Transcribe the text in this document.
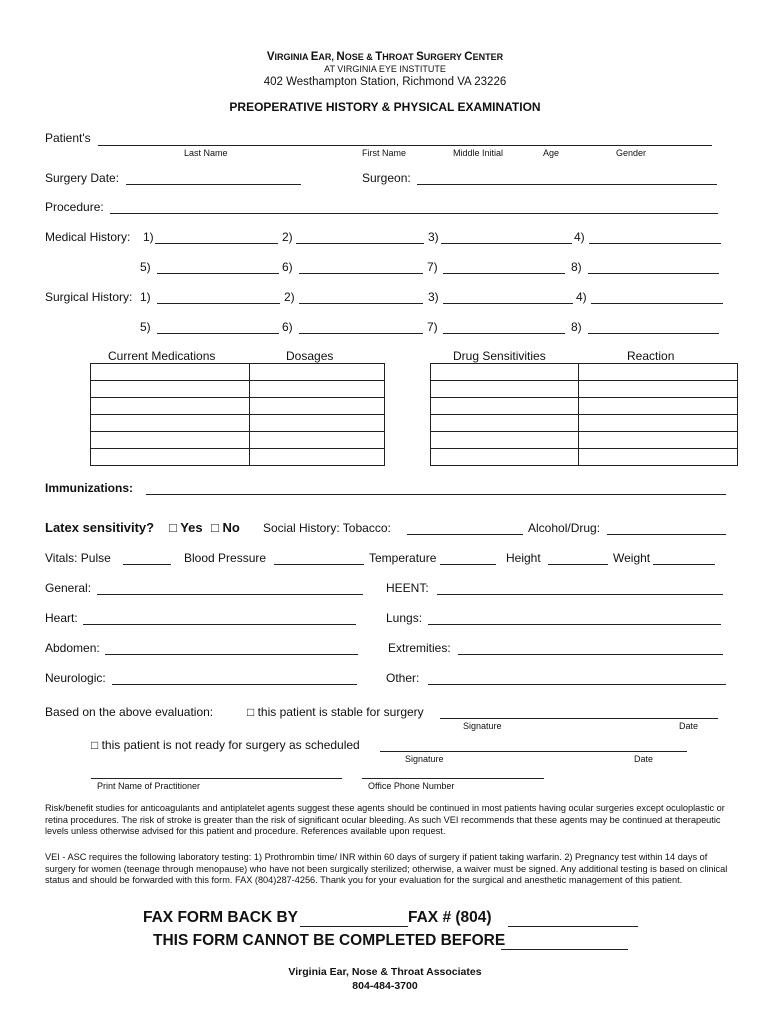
VIRGINIA EAR, NOSE & THROAT SURGERY CENTER
AT VIRGINIA EYE INSTITUTE
402 Westhampton Station, Richmond VA 23226
PREOPERATIVE HISTORY & PHYSICAL EXAMINATION
Patient's
Last Name	First Name	Middle Initial	Age	Gender
Surgery Date:	Surgeon:
Procedure:
Medical History: 1)	2)	3)	4)
5)	6)	7)	8)
Surgical History: 1)	2)	3)	4)
5)	6)	7)	8)
Current Medications	Dosages	Drug Sensitivities	Reaction

Immunizations:
Latex sensitivity? □ Yes □ No Social History: Tobacco:	Alcohol/Drug:
Vitals: Pulse	Blood Pressure	Temperature	Height	Weight
General:	HEENT:
Heart:	Lungs:
Abdomen:	Extremities:
Neurologic:	Other:
Based on the above evaluation:	□ this patient is stable for surgery
Signature	Date
□ this patient is not ready for surgery as scheduled
Signature	Date
Print Name of Practitioner	Office Phone Number
Risk/benefit studies for anticoagulants and antiplatelet agents suggest these agents should be continued in most patients having ocular surgeries except oculoplastic or retina procedures. The risk of stroke is greater than the risk of significant ocular bleeding. As such VEI recommends that these agents may be continued at therapeutic levels unless otherwise advised for this patient and procedure. References available upon request.
VEI - ASC requires the following laboratory testing: 1) Prothrombin time/ INR within 60 days of surgery if patient taking warfarin. 2) Pregnancy test within 14 days of surgery for women (teenage through menopause) who have not been surgically sterilized; otherwise, a waiver must be signed. Any additional testing is based on clinical status and should be forwarded with this form. FAX (804)287-4256. Thank you for your evaluation for the surgical and anesthetic management of this patient.
FAX FORM BACK BY	FAX # (804)
THIS FORM CANNOT BE COMPLETED BEFORE
Virginia Ear, Nose & Throat Associates
804-484-3700
